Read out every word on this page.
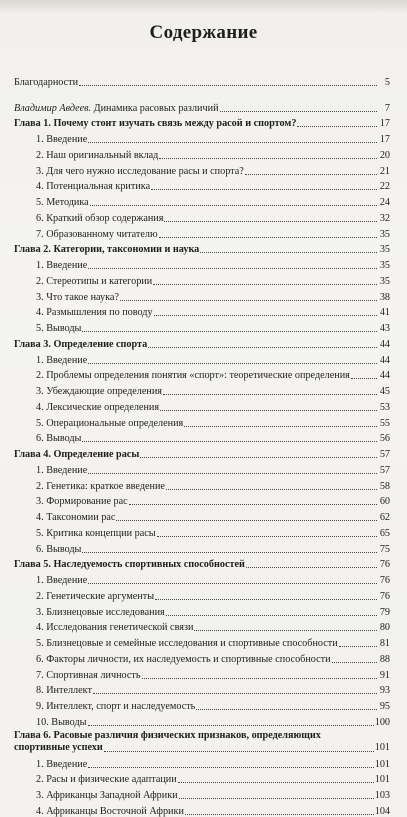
Содержание
Благодарности	5
Владимир Авдеев. Динамика расовых различий	7
Глава 1. Почему стоит изучать связь между расой и спортом?	17
1. Введение	17
2. Наш оригинальный вклад	20
3. Для чего нужно исследование расы и спорта?	21
4. Потенциальная критика	22
5. Методика	24
6. Краткий обзор содержания	32
7. Образованному читателю	35
Глава 2. Категории, таксономии и наука	35
1. Введение	35
2. Стереотипы и категории	35
3. Что такое наука?	38
4. Размышления по поводу	41
5. Выводы	43
Глава 3. Определение спорта	44
1. Введение	44
2. Проблемы определения понятия «спорт»: теоретические определения	44
3. Убеждающие определения	45
4. Лексические определения	53
5. Операциональные определения	55
6. Выводы	56
Глава 4. Определение расы	57
1. Введение	57
2. Генетика: краткое введение	58
3. Формирование рас	60
4. Таксономии рас	62
5. Критика концепции расы	65
6. Выводы	75
Глава 5. Наследуемость спортивных способностей	76
1. Введение	76
2. Генетические аргументы	76
3. Близнецовые исследования	79
4. Исследования генетической связи	80
5. Близнецовые и семейные исследования и спортивные способности	81
6. Факторы личности, их наследуемость и спортивные способности	88
7. Спортивная личность	91
8. Интеллект	93
9. Интеллект, спорт и наследуемость	95
10. Выводы	100
Глава 6. Расовые различия физических признаков, определяющих
спортивные успехи	101
1. Введение	101
2. Расы и физические адаптации	101
3. Африканцы Западной Африки	103
4. Африканцы Восточной Африки	104
